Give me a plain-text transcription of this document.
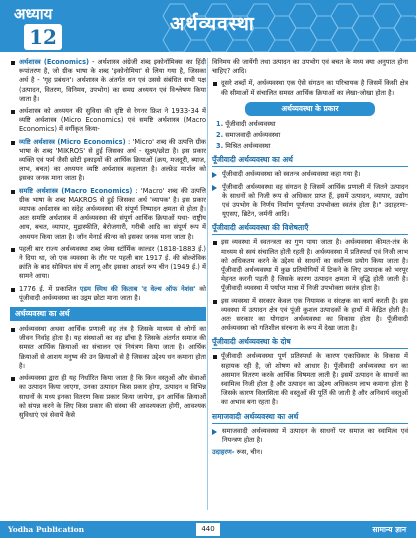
अध्याय
12
अर्थव्यवस्था
अर्थशास्त्र (Economics) - अर्थशास्त्र अंग्रेजी शब्द इकोनॉमिक्स का हिंदी रूपांतरण है, जो ग्रीक भाषा के शब्द 'इकोनोमिया' से लिया गया है, जिसका अर्थ है - 'गृह प्रबंधन'। अर्थशास्त्र के अंतर्गत धन एवं उससे संबंधित सभी पक्ष (उत्पादन, वितरण, विनिमय, उपभोग) का समग्र अध्ययन एवं विश्लेषण किया जाता है।
अर्थशास्त्र को अध्ययन की सुविधा की दृष्टि से रेगनर फ्रिश ने 1933-34 में व्यष्टि अर्थशास्त्र (Micro Economics) एवं समष्टि अर्थशास्त्र (Macro Economics) में वर्गीकृत किया-
व्यष्टि अर्थशास्त्र (Micro Economics) : 'Micro' शब्द की उत्पत्ति ग्रीक भाषा के शब्द 'MIKROS' से हुई जिसका अर्थ - सूक्ष्म/छोटा है। इस प्रकार व्यक्ति एवं फर्म जैसी छोटी इकाइयों की आर्थिक क्रियाओं (क्रय, मजदूरी, ब्याज, लाभ, बचत) का अध्ययन व्यष्टि अर्थशास्त्र कहलाता है। अल्फ्रेड मार्शल को इसका जनक माना जाता है।
समष्टि अर्थशास्त्र (Macro Economics) : 'Macro' शब्द की उत्पत्ति ग्रीक भाषा के शब्द MAKROS से हुई जिसका अर्थ 'व्यापक' है। इस प्रकार व्यापक अर्थशास्त्र का संदेह अर्थव्यवस्था की संपूर्ण निष्पादन क्षमता से होता है। अतः समष्टि अर्थशास्त्र में अर्थव्यवस्था की संपूर्ण आर्थिक क्रियाओं यथा- राष्ट्रीय आय, बचत, व्यापार, मुद्रास्फीति, बेरोजगारी, गरीबी आदि का संपूर्ण रूप में अध्ययन किया जाता है। जॉन मेनार्ड कीन्स को इसका जनक माना जाता है।
पहली बार राज्य अर्थव्यवस्था शब्द जेम्स स्टॉर्मिक काल्डर (1818-1883 ई.) ने दिया था, जो एक व्यवस्था के तौर पर पहली बार 1917 ई. की बोल्शेविक क्रांति के बाद सोवियत संघ में लागू और इसका आदर्श रूप चीन (1949 ई.) में सामने आया।
1776 ई. में प्रकाशित एडम स्मिथ की किताब 'द वेल्थ ऑफ नेशंस' को पूंजीवादी अर्थव्यवस्था का उद्गम छोटा माना जाता है।
अर्थव्यवस्था का अर्थ
अर्थव्यवस्था अथवा आर्थिक प्रणाली वह तंत्र है जिसके माध्यम से लोगों का जीवन निर्वाह होता है। यह संस्थाओं का वह ढाँचा है जिसके अंतर्गत समाज की समस्त आर्थिक क्रियाओं का संचालन एवं नियंत्रण किया जाता है। आर्थिक क्रियाओं से आशय मनुष्य की उन क्रियाओं से है जिसका उद्देश्य धन कमाना होता है।
अर्थव्यवस्था द्वारा ही यह निर्धारित किया जाता है कि किन वस्तुओं और सेवाओं का उत्पादन किया जाएगा, उनका उत्पादन किस प्रकार होगा, उत्पादन व विभिन्न साधनों के मध्य इनका वितरण किस प्रकार किया जायेगा, इन आर्थिक क्रियाओं को संपन्न करने के लिए किस प्रकार की संस्था की आवश्यकता होगी, आवश्यक सुविधाएं एवं सेवायें कैसे
विनिमय की जायेंगी तथा उत्पादन का उपभोग एवं बचत के मध्य क्या अनुपात होना चाहिए? आदि।
दूसरे शब्दों में, अर्थव्यवस्था एक ऐसे संगठन का परिचायक है जिसमें किसी क्षेत्र की सीमाओं में संचालित समस्त आर्थिक क्रियाओं का लेखा-जोखा होता है।
अर्थव्यवस्था के प्रकार
1. पूँजीवादी अर्थव्यवस्था
2. समाजवादी अर्थव्यवस्था
3. मिश्रित अर्थव्यवस्था
पूँजीवादी अर्थव्यवस्था का अर्थ
पूँजीवादी अर्थव्यवस्था को स्वतन्त्र अर्थव्यवस्था कहा गया है।
पूँजीवादी अर्थव्यवस्था वह संगठन है जिसमें आर्थिक प्रणाली में जितने उत्पादन के साधनों को निजी रूप से अधिकार प्राप्त हैं, इसमें उत्पादन, व्यापार, उद्योग एवं उपभोग के निर्णय निर्माण पूर्णतया उपभोक्ता स्वतंत्र होता है।" उदाहरणः- यूएसए, ब्रिटेन, जर्मनी आदि।
पूँजीवादी अर्थव्यवस्था की विशेषताएँ
इस व्यवस्था में स्वतन्त्रता का गुण पाया जाता है। अर्थव्यवस्था कीमत-तंत्र के माध्यम से स्वयं संचालित होती रहती है। अर्थव्यवस्था में प्रतिस्पर्धा एवं निजी लाभ को अधिकतम करने के उद्देश्य से साधनों का सर्वोत्तम प्रयोग किया जाता है। पूँजीवादी अर्थव्यवस्था में कुछ प्रतियोगियों में टिकने के लिए उत्पादक को भरपूर मेहनत करनी पड़ती है जिसके कारण उत्पादन क्षमता में वृद्धि होती जाती है। पूँजीवादी व्यवस्था में पर्याप्त मात्रा में निजी उपभोक्ता स्वतंत्र होता है।
इस व्यवस्था में सरकार केवल एक नियामक व संरक्षक का कार्य करती है। इस व्यवस्था में उत्पादन क्षेत्र एवं पूंजी कुशल उत्पादकों के हाथों में केंद्रित होती है। अतः सरकार का योगदान अर्थव्यवस्था का विकास होता है। पूँजीवादी अर्थव्यवस्था को गतिशील संरचना के रूप में देखा जाता है।
पूँजीवादी अर्थव्यवस्था के दोष
पूँजीवादी अर्थव्यवस्था पूर्ण प्रतिस्पर्धा के कारण एकाधिकार के विकास में सहायक रही है, जो शोषण को आधार है। पूँजीवादी अर्थव्यवस्था धन का असमान वितरण करके आर्थिक विषमता लाती है। इसमें उत्पादन के साधनों का स्वामित्व निजी होता है और उत्पादन का उद्देश्य अधिकतम लाभ कमाना होता है जिसके कारण विलासिता की वस्तुओं की पूर्ति की जाती है और अनिवार्य वस्तुओं का अभाव बना रहता है।
समाजवादी अर्थव्यवस्था का अर्थ
समाजवादी अर्थव्यवस्था में उत्पादन के साधनों पर समाज का स्वामित्व एवं नियन्त्रण होता है।
उदाहरण- रूस, चीन।
Yodha Publication	440	सामान्य ज्ञान
